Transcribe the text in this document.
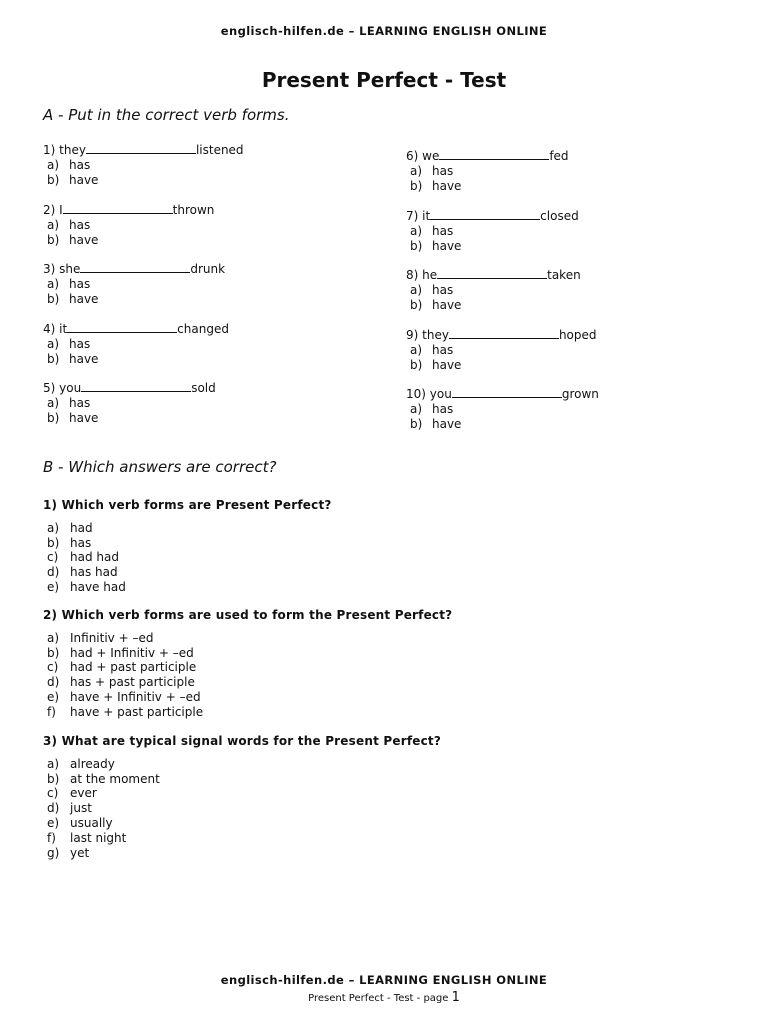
englisch-hilfen.de – LEARNING ENGLISH ONLINE
Present Perfect - Test
A - Put in the correct verb forms.
1) they	listened
a) has
b) have
2) I	thrown
a) has
b) have
3) she	drunk
a) has
b) have
4) it	changed
a) has
b) have
5) you	sold
a) has
b) have
6) we	fed
a) has
b) have
7) it	closed
a) has
b) have
8) he	taken
a) has
b) have
9) they	hoped
a) has
b) have
10) you	grown
a) has
b) have
B - Which answers are correct?
1) Which verb forms are Present Perfect?
a) had
b) has
c) had had
d) has had
e) have had
2) Which verb forms are used to form the Present Perfect?
a) Infinitiv + –ed
b) had + Infinitiv + –ed
c) had + past participle
d) has + past participle
e) have + Infinitiv + –ed
f) have + past participle
3) What are typical signal words for the Present Perfect?
a) already
b) at the moment
c) ever
d) just
e) usually
f) last night
g) yet
englisch-hilfen.de – LEARNING ENGLISH ONLINE
Present Perfect - Test - page 1
